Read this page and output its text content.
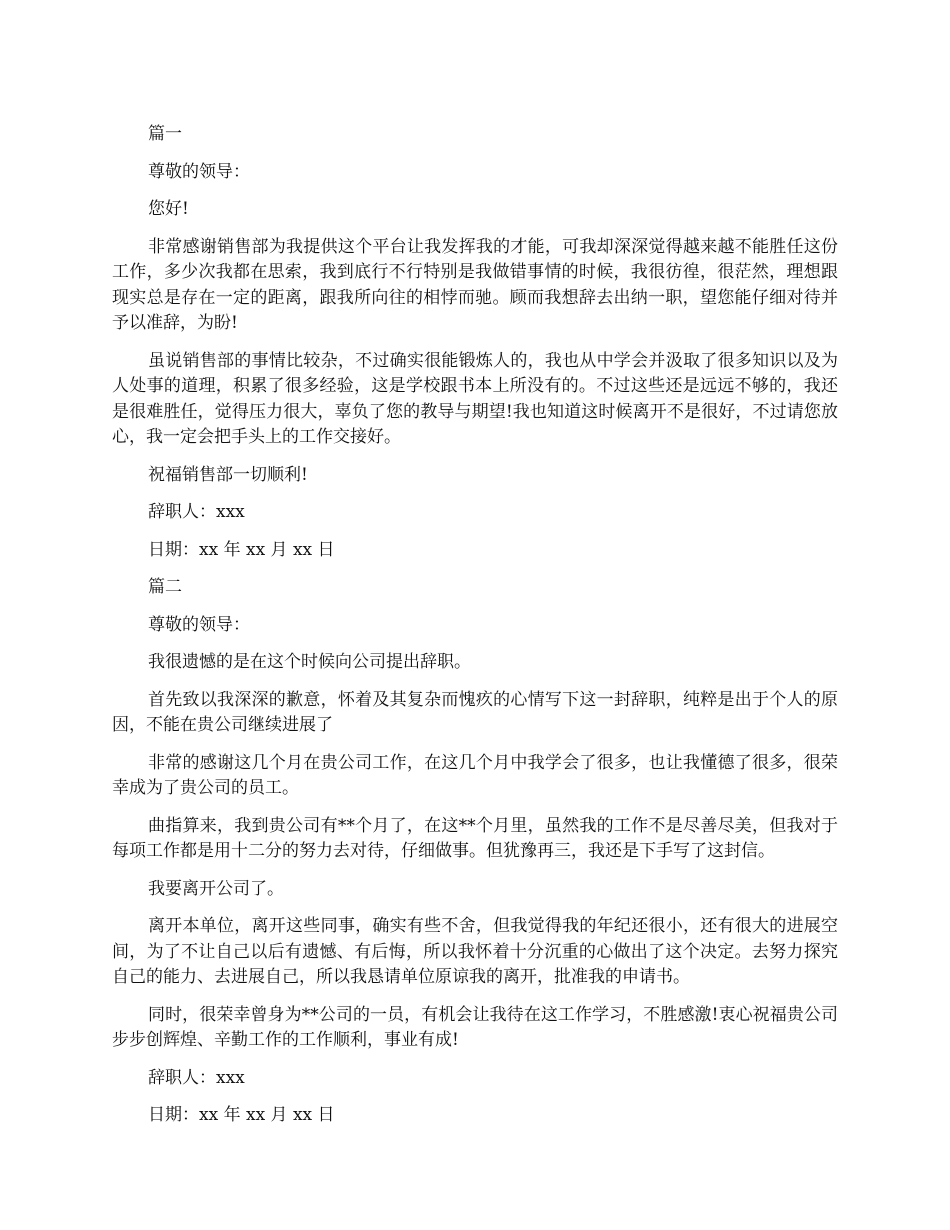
篇一

尊敬的领导：

您好!

非常感谢销售部为我提供这个平台让我发挥我的才能，可我却深深觉得越来越不能胜任这份工作，多少次我都在思索，我到底行不行特别是我做错事情的时候，我很彷徨，很茫然，理想跟现实总是存在一定的距离，跟我所向往的相悖而驰。顾而我想辞去出纳一职，望您能仔细对待并予以准辞，为盼!

虽说销售部的事情比较杂，不过确实很能锻炼人的，我也从中学会并汲取了很多知识以及为人处事的道理，积累了很多经验，这是学校跟书本上所没有的。不过这些还是远远不够的，我还是很难胜任，觉得压力很大，辜负了您的教导与期望!我也知道这时候离开不是很好，不过请您放心，我一定会把手头上的工作交接好。

祝福销售部一切顺利!

辞职人：xxx

日期：xx 年 xx 月 xx 日

篇二

尊敬的领导：

我很遗憾的是在这个时候向公司提出辞职。

首先致以我深深的歉意，怀着及其复杂而愧疚的心情写下这一封辞职，纯粹是出于个人的原因，不能在贵公司继续进展了

非常的感谢这几个月在贵公司工作，在这几个月中我学会了很多，也让我懂德了很多，很荣幸成为了贵公司的员工。

曲指算来，我到贵公司有**个月了，在这**个月里，虽然我的工作不是尽善尽美，但我对于每项工作都是用十二分的努力去对待，仔细做事。但犹豫再三，我还是下手写了这封信。

我要离开公司了。

离开本单位，离开这些同事，确实有些不舍，但我觉得我的年纪还很小，还有很大的进展空间，为了不让自己以后有遗憾、有后悔，所以我怀着十分沉重的心做出了这个决定。去努力探究自己的能力、去进展自己，所以我恳请单位原谅我的离开，批准我的申请书。

同时，很荣幸曾身为**公司的一员，有机会让我待在这工作学习，不胜感激!衷心祝福贵公司步步创辉煌、辛勤工作的工作顺利，事业有成!

辞职人：xxx

日期：xx 年 xx 月 xx 日
